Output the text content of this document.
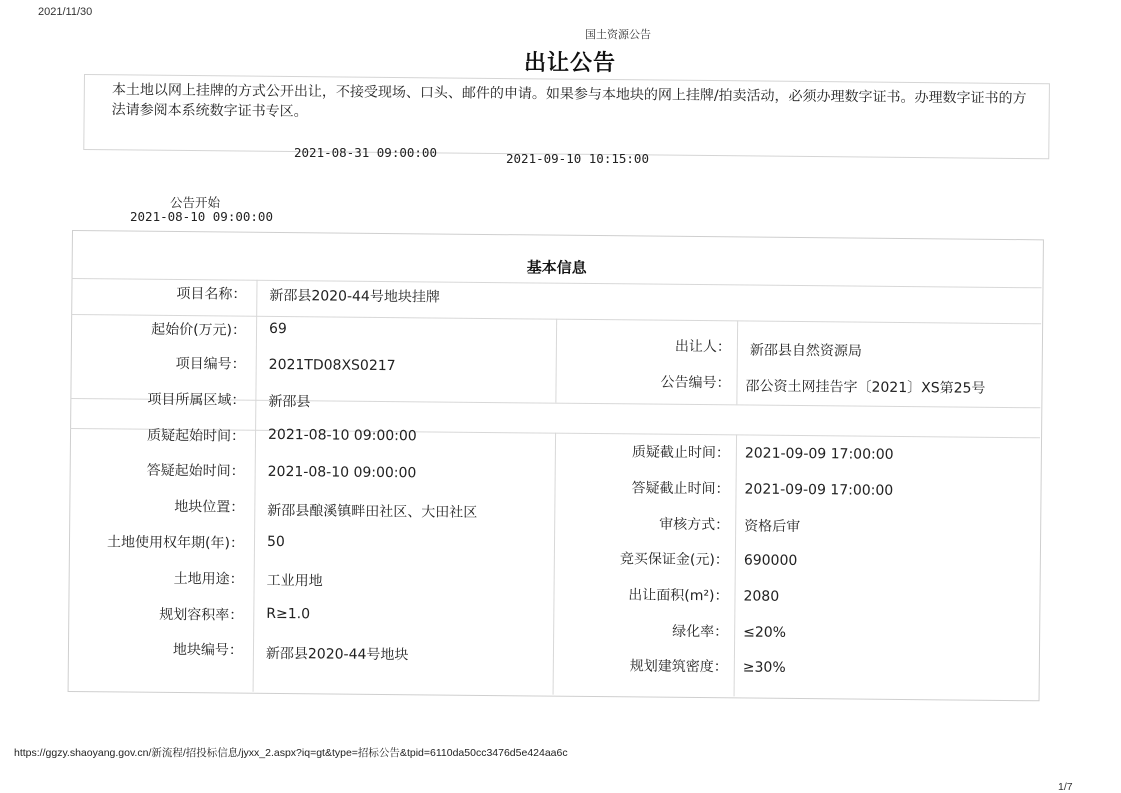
2021/11/30
国土资源公告
出让公告
本土地以网上挂牌的方式公开出让，不接受现场、口头、邮件的申请。如果参与本地块的网上挂牌/拍卖活动，必须办理数字证书。办理数字证书的方法请参阅本系统数字证书专区。
2021-08-31 09:00:00	2021-09-10 10:15:00
公告开始
2021-08-10 09:00:00
基本信息
项目名称： 新邵县2020-44号地块挂牌
起始价(万元)： 69
项目编号： 2021TD08XS0217
项目所属区域： 新邵县
质疑起始时间： 2021-08-10 09:00:00
答疑起始时间： 2021-08-10 09:00:00
地块位置： 新邵县酿溪镇畔田社区、大田社区
土地使用权年期(年)： 50
土地用途： 工业用地
规划容积率： R≥1.0
地块编号： 新邵县2020-44号地块
出让人： 新邵县自然资源局
公告编号： 邵公资土网挂告字〔2021〕XS第25号
质疑截止时间： 2021-09-09 17:00:00
答疑截止时间： 2021-09-09 17:00:00
审核方式： 资格后审
竞买保证金(元)： 690000
出让面积(m²)： 2080
绿化率： ≤20%
规划建筑密度： ≥30%
https://ggzy.shaoyang.gov.cn/新流程/招投标信息/jyxx_2.aspx?iq=gt&type=招标公告&tpid=6110da50cc3476d5e424aa6c
1/7
